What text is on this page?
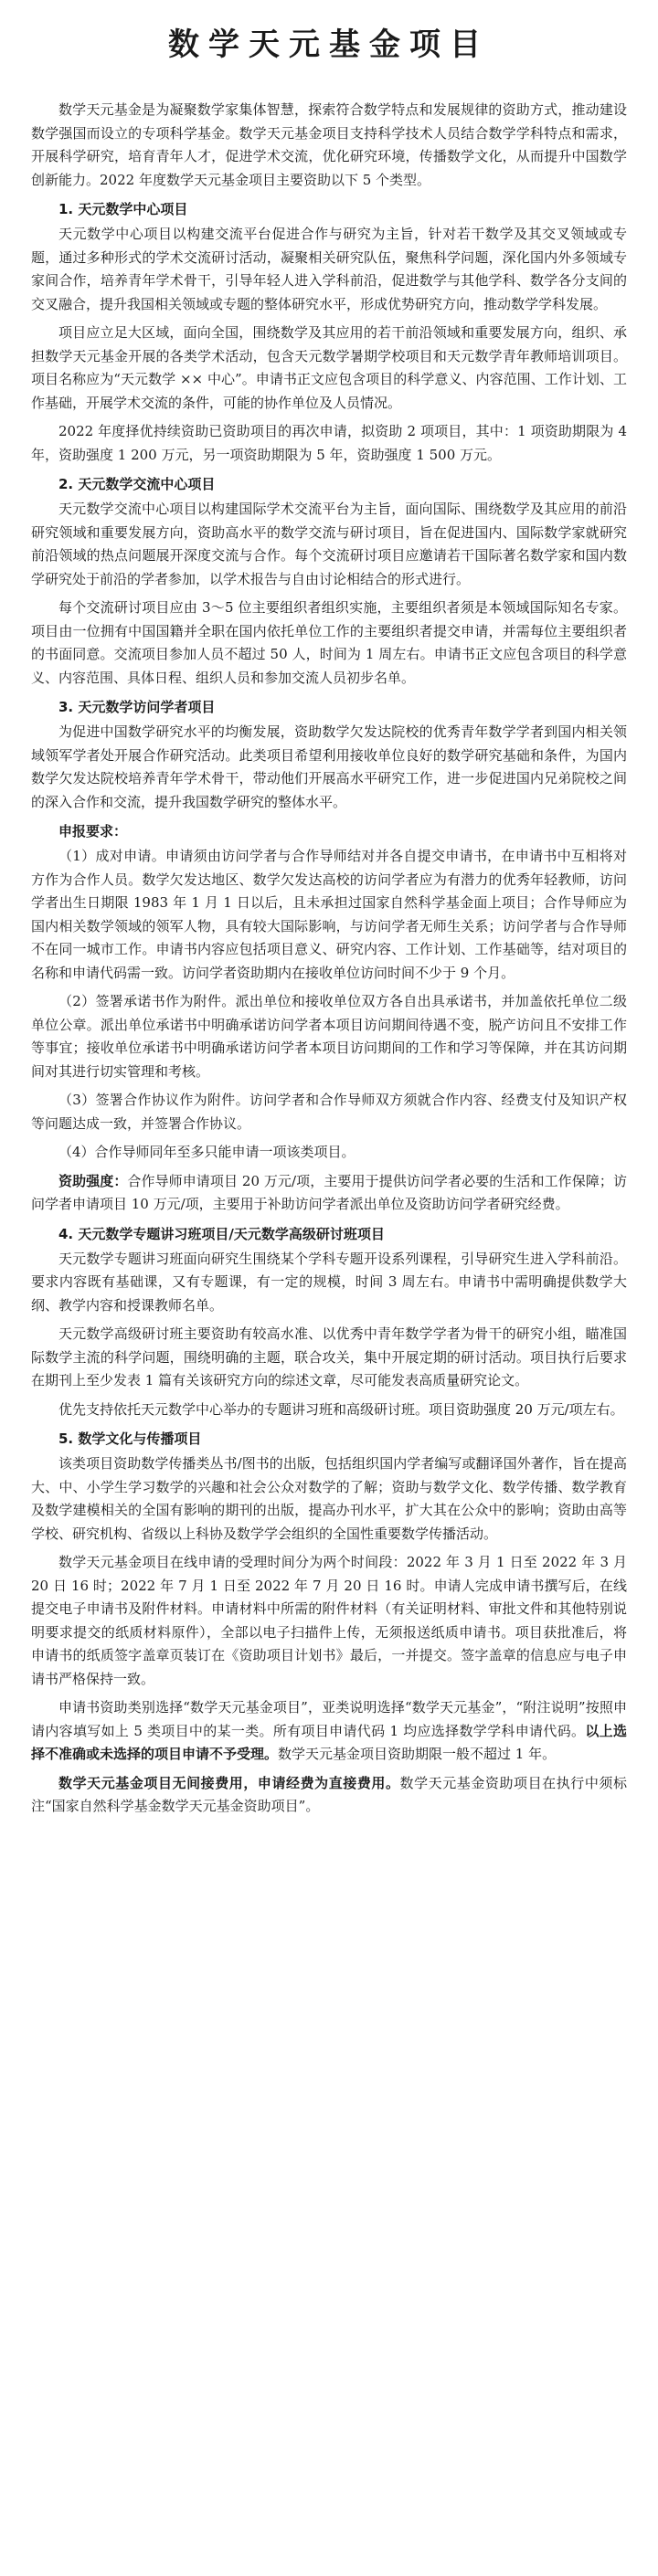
数学天元基金项目

数学天元基金是为凝聚数学家集体智慧，探索符合数学特点和发展规律的资助方式，推动建设数学强国而设立的专项科学基金。数学天元基金项目支持科学技术人员结合数学学科特点和需求，开展科学研究，培育青年人才，促进学术交流，优化研究环境，传播数学文化，从而提升中国数学创新能力。2022 年度数学天元基金项目主要资助以下 5 个类型。

1. 天元数学中心项目

天元数学中心项目以构建交流平台促进合作与研究为主旨，针对若干数学及其交叉领域或专题，通过多种形式的学术交流研讨活动，凝聚相关研究队伍，聚焦科学问题，深化国内外多领域专家间合作，培养青年学术骨干，引导年轻人进入学科前沿，促进数学与其他学科、数学各分支间的交叉融合，提升我国相关领域或专题的整体研究水平，形成优势研究方向，推动数学学科发展。

项目应立足大区域，面向全国，围绕数学及其应用的若干前沿领域和重要发展方向，组织、承担数学天元基金开展的各类学术活动，包含天元数学暑期学校项目和天元数学青年教师培训项目。项目名称应为“天元数学 ×× 中心”。申请书正文应包含项目的科学意义、内容范围、工作计划、工作基础，开展学术交流的条件，可能的协作单位及人员情况。

2022 年度择优持续资助已资助项目的再次申请，拟资助 2 项项目，其中：1 项资助期限为 4 年，资助强度 1 200 万元，另一项资助期限为 5 年，资助强度 1 500 万元。

2. 天元数学交流中心项目

天元数学交流中心项目以构建国际学术交流平台为主旨，面向国际、围绕数学及其应用的前沿研究领域和重要发展方向，资助高水平的数学交流与研讨项目，旨在促进国内、国际数学家就研究前沿领域的热点问题展开深度交流与合作。每个交流研讨项目应邀请若干国际著名数学家和国内数学研究处于前沿的学者参加，以学术报告与自由讨论相结合的形式进行。

每个交流研讨项目应由 3～5 位主要组织者组织实施，主要组织者须是本领域国际知名专家。项目由一位拥有中国国籍并全职在国内依托单位工作的主要组织者提交申请，并需每位主要组织者的书面同意。交流项目参加人员不超过 50 人，时间为 1 周左右。申请书正文应包含项目的科学意义、内容范围、具体日程、组织人员和参加交流人员初步名单。

3. 天元数学访问学者项目

为促进中国数学研究水平的均衡发展，资助数学欠发达院校的优秀青年数学学者到国内相关领域领军学者处开展合作研究活动。此类项目希望利用接收单位良好的数学研究基础和条件，为国内数学欠发达院校培养青年学术骨干，带动他们开展高水平研究工作，进一步促进国内兄弟院校之间的深入合作和交流，提升我国数学研究的整体水平。

申报要求：

（1）成对申请。申请须由访问学者与合作导师结对并各自提交申请书，在申请书中互相将对方作为合作人员。数学欠发达地区、数学欠发达高校的访问学者应为有潜力的优秀年轻教师，访问学者出生日期限 1983 年 1 月 1 日以后，且未承担过国家自然科学基金面上项目；合作导师应为国内相关数学领域的领军人物，具有较大国际影响，与访问学者无师生关系；访问学者与合作导师不在同一城市工作。申请书内容应包括项目意义、研究内容、工作计划、工作基础等，结对项目的名称和申请代码需一致。访问学者资助期内在接收单位访问时间不少于 9 个月。

（2）签署承诺书作为附件。派出单位和接收单位双方各自出具承诺书，并加盖依托单位二级单位公章。派出单位承诺书中明确承诺访问学者本项目访问期间待遇不变，脱产访问且不安排工作等事宜；接收单位承诺书中明确承诺访问学者本项目访问期间的工作和学习等保障，并在其访问期间对其进行切实管理和考核。

（3）签署合作协议作为附件。访问学者和合作导师双方须就合作内容、经费支付及知识产权等问题达成一致，并签署合作协议。

（4）合作导师同年至多只能申请一项该类项目。

资助强度：合作导师申请项目 20 万元/项，主要用于提供访问学者必要的生活和工作保障；访问学者申请项目 10 万元/项，主要用于补助访问学者派出单位及资助访问学者研究经费。

4. 天元数学专题讲习班项目/天元数学高级研讨班项目

天元数学专题讲习班面向研究生围绕某个学科专题开设系列课程，引导研究生进入学科前沿。要求内容既有基础课，又有专题课，有一定的规模，时间 3 周左右。申请书中需明确提供数学大纲、教学内容和授课教师名单。

天元数学高级研讨班主要资助有较高水准、以优秀中青年数学学者为骨干的研究小组，瞄准国际数学主流的科学问题，围绕明确的主题，联合攻关，集中开展定期的研讨活动。项目执行后要求在期刊上至少发表 1 篇有关该研究方向的综述文章，尽可能发表高质量研究论文。

优先支持依托天元数学中心举办的专题讲习班和高级研讨班。项目资助强度 20 万元/项左右。

5. 数学文化与传播项目

该类项目资助数学传播类丛书/图书的出版，包括组织国内学者编写或翻译国外著作，旨在提高大、中、小学生学习数学的兴趣和社会公众对数学的了解；资助与数学文化、数学传播、数学教育及数学建模相关的全国有影响的期刊的出版，提高办刊水平，扩大其在公众中的影响；资助由高等学校、研究机构、省级以上科协及数学学会组织的全国性重要数学传播活动。

数学天元基金项目在线申请的受理时间分为两个时间段：2022 年 3 月 1 日至 2022 年 3 月 20 日 16 时；2022 年 7 月 1 日至 2022 年 7 月 20 日 16 时。申请人完成申请书撰写后，在线提交电子申请书及附件材料。申请材料中所需的附件材料（有关证明材料、审批文件和其他特别说明要求提交的纸质材料原件），全部以电子扫描件上传，无须报送纸质申请书。项目获批准后，将申请书的纸质签字盖章页装订在《资助项目计划书》最后，一并提交。签字盖章的信息应与电子申请书严格保持一致。

申请书资助类别选择“数学天元基金项目”，亚类说明选择“数学天元基金”，“附注说明”按照申请内容填写如上 5 类项目中的某一类。所有项目申请代码 1 均应选择数学学科申请代码。以上选择不准确或未选择的项目申请不予受理。数学天元基金项目资助期限一般不超过 1 年。

数学天元基金项目无间接费用，申请经费为直接费用。数学天元基金资助项目在执行中须标注“国家自然科学基金数学天元基金资助项目”。
